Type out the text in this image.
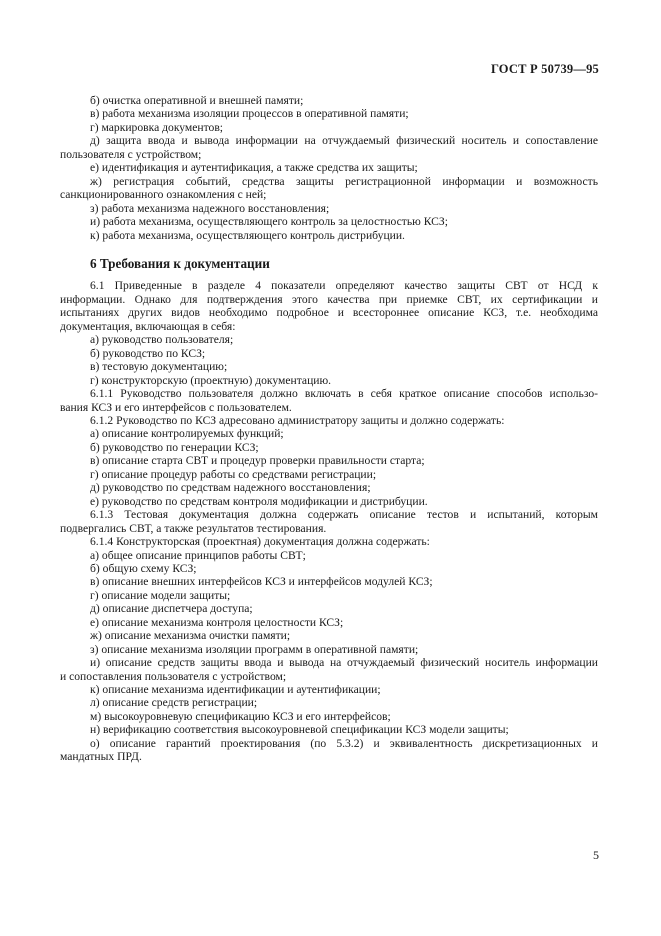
ГОСТ Р 50739—95

б) очистка оперативной и внешней памяти;

в) работа механизма изоляции процессов в оперативной памяти;

г) маркировка документов;

д) защита ввода и вывода информации на отчуждаемый физический носитель и сопоставление

пользователя с устройством;

е) идентификация и аутентификация, а также средства их защиты;

ж) регистрация событий, средства защиты регистрационной информации и возможность

санкционированного ознакомления с ней;

з) работа механизма надежного восстановления;

и) работа механизма, осуществляющего контроль за целостностью КСЗ;

к) работа механизма, осуществляющего контроль дистрибуции.

6 Требования к документации

6.1 Приведенные в разделе 4 показатели определяют качество защиты СВТ от НСД к

информации. Однако для подтверждения этого качества при приемке СВТ, их сертификации и

испытаниях других видов необходимо подробное и всестороннее описание КСЗ, т.е. необходима

документация, включающая в себя:

а) руководство пользователя;

б) руководство по КСЗ;

в) тестовую документацию;

г) конструкторскую (проектную) документацию.

6.1.1 Руководство пользователя должно включать в себя краткое описание способов использо-

вания КСЗ и его интерфейсов с пользователем.

6.1.2 Руководство по КСЗ адресовано администратору защиты и должно содержать:

а) описание контролируемых функций;

б) руководство по генерации КСЗ;

в) описание старта СВТ и процедур проверки правильности старта;

г) описание процедур работы со средствами регистрации;

д) руководство по средствам надежного восстановления;

е) руководство по средствам контроля модификации и дистрибуции.

6.1.3 Тестовая документация должна содержать описание тестов и испытаний, которым

подвергались СВТ, а также результатов тестирования.

6.1.4 Конструкторская (проектная) документация должна содержать:

а) общее описание принципов работы СВТ;

б) общую схему КСЗ;

в) описание внешних интерфейсов КСЗ и интерфейсов модулей КСЗ;

г) описание модели защиты;

д) описание диспетчера доступа;

е) описание механизма контроля целостности КСЗ;

ж) описание механизма очистки памяти;

з) описание механизма изоляции программ в оперативной памяти;

и) описание средств защиты ввода и вывода на отчуждаемый физический носитель информации

и сопоставления пользователя с устройством;

к) описание механизма идентификации и аутентификации;

л) описание средств регистрации;

м) высокоуровневую спецификацию КСЗ и его интерфейсов;

н) верификацию соответствия высокоуровневой спецификации КСЗ модели защиты;

о) описание гарантий проектирования (по 5.3.2) и эквивалентность дискретизационных и

мандатных ПРД.

5
